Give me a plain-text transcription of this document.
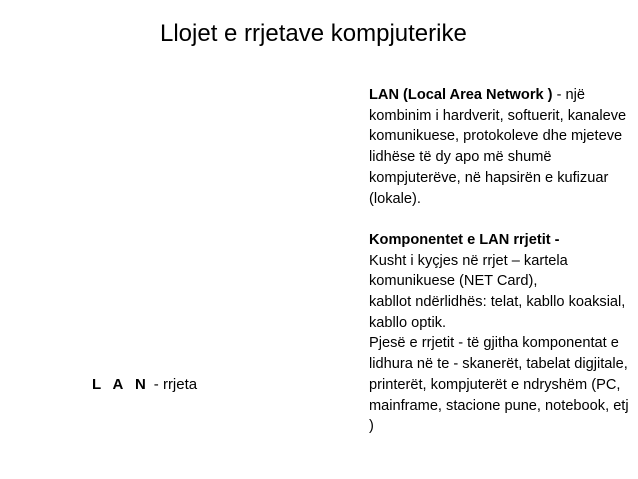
Llojet e rrjetave kompjuterike
L A N - rrjeta

LAN (Local Area Network ) - një kombinim i hardverit, softuerit, kanaleve komunikuese, protokoleve dhe mjeteve lidhëse të dy apo më shumë kompjuterëve, në hapsirën e kufizuar (lokale).

Komponentet e LAN rrjetit -

Kusht i kyçjes në rrjet – kartela komunikuese (NET Card),

kabllot ndërlidhës: telat, kabllo koaksial, kabllo optik.

Pjesë e rrjetit - të gjitha komponentat e lidhura në te - skanerët, tabelat digjitale, printerët, kompjuterët e ndryshëm (PC, mainframe, stacione pune, notebook, etj )
